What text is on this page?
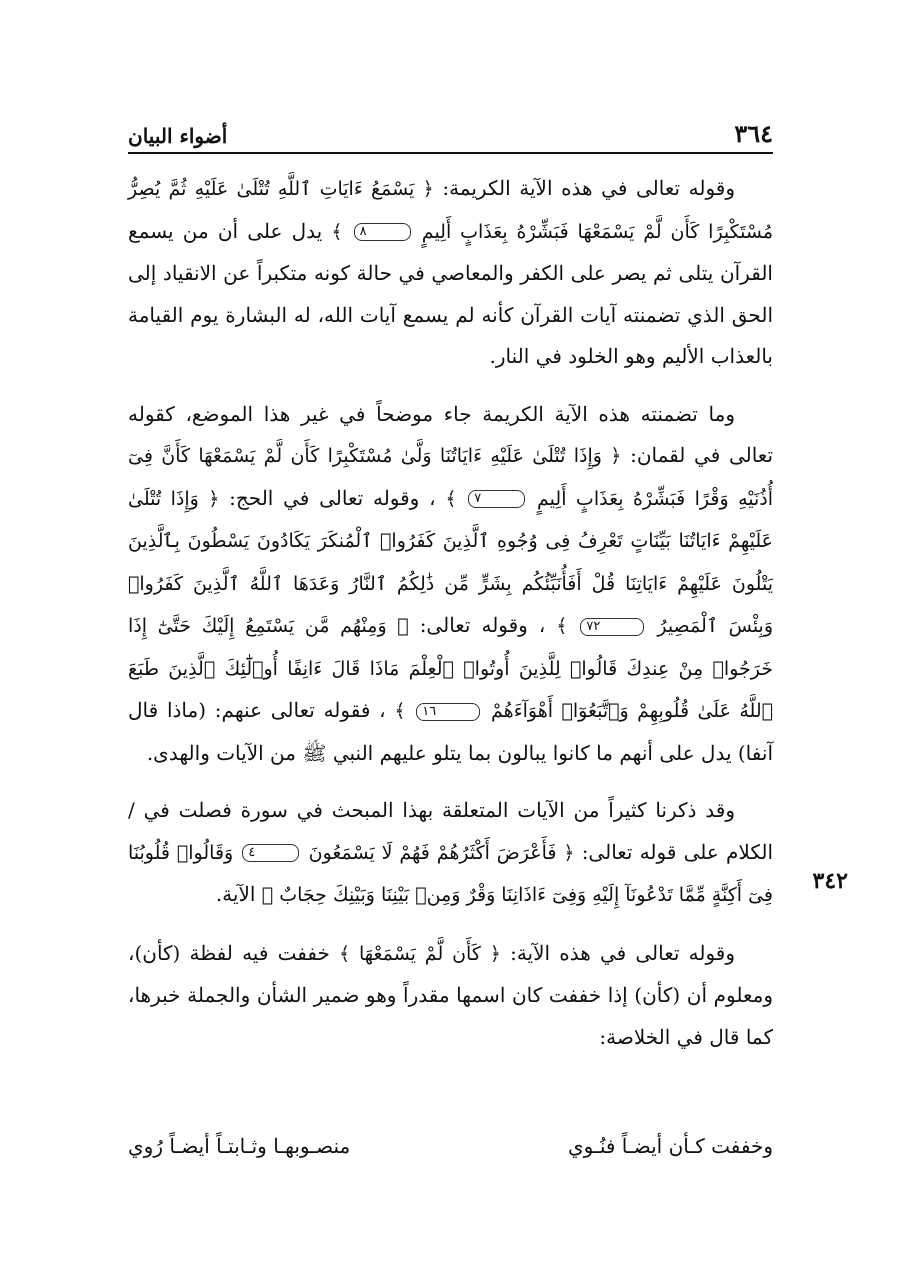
٣٦٤
أضواء البيان
٣٤٢

وقوله تعالى في هذه الآية الكريمة: ﴿ يَسْمَعُ ءَايَاتِ ٱللَّهِ تُتْلَىٰ عَلَيْهِ ثُمَّ يُصِرُّ مُسْتَكْبِرًا كَأَن لَّمْ يَسْمَعْهَا فَبَشِّرْهُ بِعَذَابٍ أَلِيمٍ ٨ ﴾ يدل على أن من يسمع القرآن يتلى ثم يصر على الكفر والمعاصي في حالة كونه متكبراً عن الانقياد إلى الحق الذي تضمنته آيات القرآن كأنه لم يسمع آيات الله، له البشارة يوم القيامة بالعذاب الأليم وهو الخلود في النار.

وما تضمنته هذه الآية الكريمة جاء موضحاً في غير هذا الموضع، كقوله تعالى في لقمان: ﴿ وَإِذَا تُتْلَىٰ عَلَيْهِ ءَايَاتُنَا وَلَّىٰ مُسْتَكْبِرًا كَأَن لَّمْ يَسْمَعْهَا كَأَنَّ فِىٓ أُذُنَيْهِ وَقْرًا فَبَشِّرْهُ بِعَذَابٍ أَلِيمٍ ٧ ﴾ ، وقوله تعالى في الحج: ﴿ وَإِذَا تُتْلَىٰ عَلَيْهِمْ ءَايَاتُنَا بَيِّنَاتٍ تَعْرِفُ فِى وُجُوهِ ٱلَّذِينَ كَفَرُوا۟ ٱلْمُنكَرَ يَكَادُونَ يَسْطُونَ بِٱلَّذِينَ يَتْلُونَ عَلَيْهِمْ ءَايَاتِنَا قُلْ أَفَأُنَبِّئُكُم بِشَرٍّ مِّن ذَٰلِكُمُ ٱلنَّارُ وَعَدَهَا ٱللَّهُ ٱلَّذِينَ كَفَرُوا۟ وَبِئْسَ ٱلْمَصِيرُ ٧٢ ﴾ ، وقوله تعالى: ﴿ وَمِنْهُم مَّن يَسْتَمِعُ إِلَيْكَ حَتَّىٰٓ إِذَا خَرَجُوا۟ مِنْ عِندِكَ قَالُوا۟ لِلَّذِينَ أُوتُوا۟ ٱلْعِلْمَ مَاذَا قَالَ ءَانِفًا أُو۟لَٰٓئِكَ ٱلَّذِينَ طَبَعَ ٱللَّهُ عَلَىٰ قُلُوبِهِمْ وَٱتَّبَعُوٓا۟ أَهْوَآءَهُمْ ١٦ ﴾ ، فقوله تعالى عنهم: (ماذا قال آنفا) يدل على أنهم ما كانوا يبالون بما يتلو عليهم النبي ﷺ من الآيات والهدى.

وقد ذكرنا كثيراً من الآيات المتعلقة بهذا المبحث في سورة فصلت في /الكلام على قوله تعالى: ﴿ فَأَعْرَضَ أَكْثَرُهُمْ فَهُمْ لَا يَسْمَعُونَ ٤ وَقَالُوا۟ قُلُوبُنَا فِىٓ أَكِنَّةٍ مِّمَّا تَدْعُونَآ إِلَيْهِ وَفِىٓ ءَاذَانِنَا وَقْرٌ وَمِنۢ بَيْنِنَا وَبَيْنِكَ حِجَابٌ ﴾ الآية.

وقوله تعالى في هذه الآية: ﴿ كَأَن لَّمْ يَسْمَعْهَا ﴾ خففت فيه لفظة (كأن)، ومعلوم أن (كأن) إذا خففت كان اسمها مقدراً وهو ضمير الشأن والجملة خبرها، كما قال في الخلاصة:

وخففت كـأن أيضـاً فنُـوي
منصـوبهـا وثـابتـاً أيضـاً رُوي
